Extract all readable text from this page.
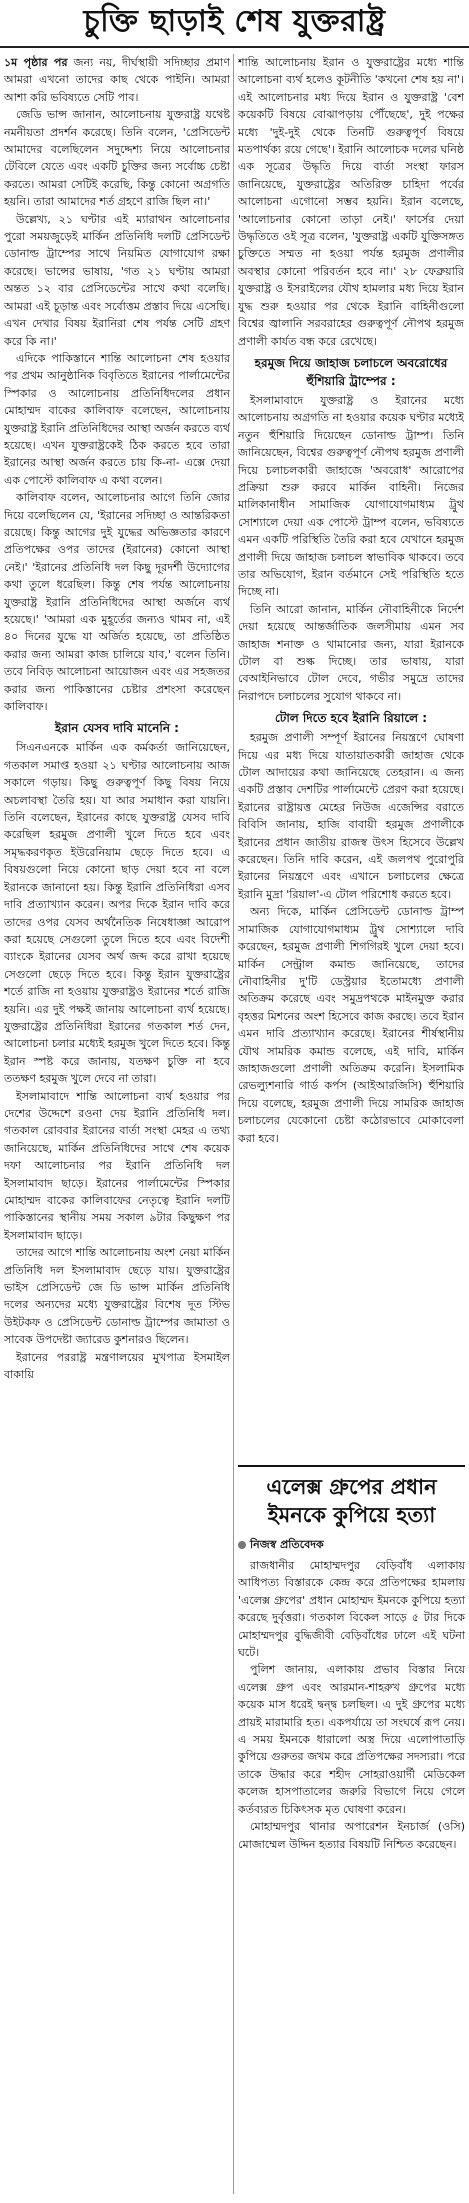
চুক্তি ছাড়াই শেষ যুক্তরাষ্ট্র

১ম পৃষ্ঠার পর জন্য নয়, দীর্ঘস্থায়ী সদিচ্ছার প্রমাণ আমরা এখনো তাদের কাছ থেকে পাইনি। আমরা আশা করি ভবিষ্যতে সেটি পাব।

জেডি ভান্স জানান, আলোচনায় যুক্তরাষ্ট্র যথেষ্ট নমনীয়তা প্রদর্শন করেছে। তিনি বলেন, 'প্রেসিডেন্ট আমাদের বলেছিলেন সদুদ্দেশ্য নিয়ে আলোচনার টেবিলে যেতে এবং একটি চুক্তির জন্য সর্বোচ্চ চেষ্টা করতে। আমরা সেটিই করেছি, কিন্তু কোনো অগ্রগতি হয়নি। তারা আমাদের শর্ত গ্রহণে রাজি ছিল না।'

উল্লেখ্য, ২১ ঘণ্টার এই ম্যারাথন আলোচনার পুরো সময়জুড়েই মার্কিন প্রতিনিধি দলটি প্রেসিডেন্ট ডোনাল্ড ট্রাম্পের সাথে নিয়মিত যোগাযোগ রক্ষা করেছে। ভান্সের ভাষায়, 'গত ২১ ঘণ্টায় আমরা অন্তত ১২ বার প্রেসিডেন্টের সাথে কথা বলেছি। আমরা এই চূড়ান্ত এবং সর্বোত্তম প্রস্তাব দিয়ে এসেছি। এখন দেখার বিষয় ইরানিরা শেষ পর্যন্ত সেটি গ্রহণ করে কি না।'

এদিকে পাকিস্তানে শান্তি আলোচনা শেষ হওয়ার পর প্রথম আনুষ্ঠানিক বিবৃতিতে ইরানের পার্লামেন্টের স্পিকার ও আলোচনায় প্রতিনিধিদলের প্রধান মোহাম্মদ বাকের কালিবাফ বলেছেন, আলোচনায় যুক্তরাষ্ট্র ইরানি প্রতিনিধিদের আস্থা অর্জন করতে ব্যর্থ হয়েছে। এখন যুক্তরাষ্ট্রকেই ঠিক করতে হবে তারা ইরানের আস্থা অর্জন করতে চায় কি-না- এক্সে দেয়া এক পোস্টে কালিবাফ এ কথা বলেন।

কালিবাফ বলেন, আলোচনার আগে তিনি জোর দিয়ে বলেছিলেন যে, 'ইরানের সদিচ্ছা ও আন্তরিকতা রয়েছে। কিন্তু আগের দুই যুদ্ধের অভিজ্ঞতার কারণে প্রতিপক্ষের ওপর তাদের (ইরানের) কোনো আস্থা নেই।' 'ইরানের প্রতিনিধি দল কিছু দূরদর্শী উদ্যোগের কথা তুলে ধরেছিল। কিন্তু শেষ পর্যন্ত আলোচনায় যুক্তরাষ্ট্র ইরানি প্রতিনিধিদের আস্থা অর্জনে ব্যর্থ হয়েছে।' 'আমরা এক মুহূর্তের জন্যও থামব না, এই ৪০ দিনের যুদ্ধে যা অর্জিত হয়েছে, তা প্রতিষ্ঠিত করার জন্য আমরা কাজ চালিয়ে যাব,' বলেন তিনি। তবে নিবিড় আলোচনা আয়োজন এবং এর সহজতর করার জন্য পাকিস্তানের চেষ্টার প্রশংসা করেছেন কালিবাফ।

ইরান যেসব দাবি মানেনি :

সিএনএনকে মার্কিন এক কর্মকর্তা জানিয়েছেন, গতকাল সমাপ্ত হওয়া ২১ ঘণ্টার আলোচনায় আজ সকালে গড়ায়। কিছু গুরুত্বপূর্ণ কিছু বিষয় নিয়ে অচলাবস্থা তৈরি হয়। যা আর সমাধান করা যায়নি। তিনি বলেছেন, ইরানের কাছে যুক্তরাষ্ট্র যেসব দাবি করেছিল হরমুজ প্রণালী খুলে দিতে হবে এবং সমৃদ্ধকরণকৃত ইউরেনিয়াম ছেড়ে দিতে হবে। এ বিষয়গুলো নিয়ে কোনো ছাড় দেয়া হবে না বলে ইরানকে জানানো হয়। কিন্তু ইরানি প্রতিনিধিরা এসব দাবি প্রত্যাখ্যান করেন। অপর দিকে ইরান দাবি করে তাদের ওপর যেসব অর্থনৈতিক নিষেধাজ্ঞা আরোপ করা হয়েছে সেগুলো তুলে দিতে হবে এবং বিদেশী ব্যাংকে ইরানের যেসব অর্থ জব্দ করে রাখা হয়েছে সেগুলো ছেড়ে দিতে হবে। কিন্তু ইরান যুক্তরাষ্ট্রের শর্তে রাজি না হওয়ায় যুক্তরাষ্ট্রও ইরানের শর্তে রাজি হয়নি। এর দুই পক্ষই জানায় আলোচনা ব্যর্থ হয়েছে। যুক্তরাষ্ট্রের প্রতিনিধিরা ইরানের গতকাল শর্ত দেন, আলোচনা চলার মধ্যেই হরমুজ খুলে দিতে হবে। কিন্তু ইরান স্পষ্ট করে জানায়, যতক্ষণ চুক্তি না হবে ততক্ষণ হরমুজ খুলে দেবে না তারা।

ইসলামাবাদে শান্তি আলোচনা ব্যর্থ হওয়ার পর দেশের উদ্দেশে রওনা দেয় ইরানি প্রতিনিধি দল। গতকাল রোববার ইরানের বার্তা সংস্থা মেহর এ তথ্য জানিয়েছে, মার্কিন প্রতিনিধিদের সাথে শেষ কয়েক দফা আলোচনার পর ইরানি প্রতিনিধি দল ইসলামাবাদ ছাড়ে। ইরানের পার্লামেন্টের স্পিকার মোহাম্মদ বাকের কালিবাফের নেতৃত্বে ইরানি দলটি পাকিস্তানের স্থানীয় সময় সকাল ৯টার কিছুক্ষণ পর ইসলামাবাদ ছাড়ে।

তাদের আগে শান্তি আলোচনায় অংশ নেয়া মার্কিন প্রতিনিধি দল ইসলামাবাদ ছেড়ে যায়। যুক্তরাষ্ট্রের ভাইস প্রেসিডেন্ট জে ডি ভান্স মার্কিন প্রতিনিধি দলের অন্যদের মধ্যে যুক্তরাষ্ট্রের বিশেষ দূত স্টিভ উইটকফ ও প্রেসিডেন্ট ডোনাল্ড ট্রাম্পের জামাতা ও সাবেক উপদেষ্টা জ্যারেড কুশনারও ছিলেন।

ইরানের পররাষ্ট্র মন্ত্রণালয়ের মুখপাত্র ইসমাইল বাকায়ি

শান্তি আলোচনায় ইরান ও যুক্তরাষ্ট্রের মধ্যে শান্তি আলোচনা ব্যর্থ হলেও কূটনীতি 'কখনো শেষ হয় না'। এই আলোচনার মধ্য দিয়ে ইরান ও যুক্তরাষ্ট্র 'বেশ কয়েকটি বিষয়ে বোঝাপড়ায় পৌঁছেছে', দুই পক্ষের মধ্যে 'দুই-দুই থেকে তিনটি গুরুত্বপূর্ণ বিষয়ে মতপার্থক্য রয়ে গেছে'। ইরানি আলোচক দলের ঘনিষ্ঠ এক সূত্রের উদ্ধৃতি দিয়ে বার্তা সংস্থা ফারস জানিয়েছে, যুক্তরাষ্ট্রের অতিরিক্ত চাহিদা পর্বের আলোচনা এগোনো সম্ভব হয়নি। ইরান বলেছে, 'আলোচনার কোনো তাড়া নেই।' ফার্সের দেয়া উদ্ধৃতিতে ওই সূত্র বলেন, 'যুক্তরাষ্ট্র একটি যুক্তিসঙ্গত চুক্তিতে সম্মত না হওয়া পর্যন্ত হরমুজ প্রণালীর অবস্থার কোনো পরিবর্তন হবে না।' ২৮ ফেব্রুয়ারি যুক্তরাষ্ট্র ও ইসরাইলের যৌথ হামলার মধ্য দিয়ে ইরান যুদ্ধ শুরু হওয়ার পর থেকে ইরানি বাহিনীগুলো বিশ্বের জ্বালানি সরবরাহের গুরুত্বপূর্ণ নৌপথ হরমুজ প্রণালী কার্যত বন্ধ করে রেখেছে।

হরমুজ দিয়ে জাহাজ চলাচলে অবরোধের হুঁশিয়ারি ট্রাম্পের :

ইসলামাবাদে যুক্তরাষ্ট্র ও ইরানের মধ্যে আলোচনায় অগ্রগতি না হওয়ার কয়েক ঘণ্টার মধ্যেই নতুন হুঁশিয়ারি দিয়েছেন ডোনাল্ড ট্রাম্প। তিনি জানিয়েছেন, বিশ্বের গুরুত্বপূর্ণ নৌপথ হরমুজ প্রণালী দিয়ে চলাচলকারী জাহাজে 'অবরোধ' আরোপের প্রক্রিয়া শুরু করবে মার্কিন বাহিনী। নিজের মালিকানাধীন সামাজিক যোগাযোগমাধ্যম ট্রুথ সোশ্যালে দেয়া এক পোস্টে ট্রাম্প বলেন, ভবিষ্যতে এমন একটি পরিস্থিতি তৈরি করা হবে যেখানে হরমুজ প্রণালী দিয়ে জাহাজ চলাচল স্বাভাবিক থাকবে। তবে তার অভিযোগ, ইরান বর্তমানে সেই পরিস্থিতি হতে দিচ্ছে না।

তিনি আরো জানান, মার্কিন নৌবাহিনীকে নির্দেশ দেয়া হয়েছে আন্তর্জাতিক জলসীমায় এমন সব জাহাজ শনাক্ত ও থামানোর জন্য, যারা ইরানকে টোল বা শুল্ক দিচ্ছে। তার ভাষায়, যারা বেআইনিভাবে টোল দেবে, গভীর সমুদ্রে তাদের নিরাপদে চলাচলের সুযোগ থাকবে না।

টোল দিতে হবে ইরানি রিয়ালে :

হরমুজ প্রণালী সম্পূর্ণ ইরানের নিয়ন্ত্রণে ঘোষণা দিয়ে এর মধ্য দিয়ে যাতায়াতকারী জাহাজ থেকে টোল আদায়ের কথা জানিয়েছে তেহরান। এ জন্য একটি প্রস্তাব দেশটির পার্লামেন্টে প্রেরণ করা হয়েছে। ইরানের রাষ্ট্রায়ত্ত মেহের নিউজ এজেন্সির বরাতে বিবিসি জানায়, হাজি বাবায়ী হরমুজ প্রণালীকে ইরানের প্রধান জাতীয় রাজস্ব উৎস হিসেবে উল্লেখ করেছেন। তিনি দাবি করেন, এই জলপথ পুরোপুরি ইরানের নিয়ন্ত্রণে এবং এখানে চলাচলের ক্ষেত্রে ইরানি মুদ্রা 'রিয়াল'-এ টোল পরিশোধ করতে হবে।

অন্য দিকে, মার্কিন প্রেসিডেন্ট ডোনাল্ড ট্রাম্প সামাজিক যোগাযোগমাধ্যম ট্রুথ সোশ্যালে দাবি করেছেন, হরমুজ প্রণালী শিগগিরই খুলে দেয়া হবে। মার্কিন সেন্ট্রাল কমান্ড জানিয়েছে, তাদের নৌবাহিনীর দু'টি ডেস্ট্রয়ার ইতোমধ্যে প্রণালী অতিক্রম করেছে এবং সমুদ্রপথকে মাইনমুক্ত করার বৃহত্তর মিশনের অংশ হিসেবে কাজ করছে। তবে ইরান এমন দাবি প্রত্যাখ্যান করেছে। ইরানের শীর্ষস্থানীয় যৌথ সামরিক কমান্ড বলেছে, এই দাবি, মার্কিন জাহাজগুলো প্রণালী অতিক্রম করেনি। ইসলামিক রেভল্যুশনারি গার্ড কর্পস (আইআরজিসি) হুঁশিয়ারি দিয়ে বলেছে, হরমুজ প্রণালী দিয়ে সামরিক জাহাজ চলাচলের যেকোনো চেষ্টা কঠোরভাবে মোকাবেলা করা হবে।

এলেক্স গ্রুপের প্রধান ইমনকে কুপিয়ে হত্যা
নিজস্ব প্রতিবেদক

রাজধানীর মোহাম্মদপুর বেড়িবাঁধ এলাকায় আধিপত্য বিস্তারকে কেন্দ্র করে প্রতিপক্ষের হামলায় 'এলেক্স গ্রুপের' প্রধান মোহাম্মদ ইমনকে কুপিয়ে হত্যা করেছে দুর্বৃত্তরা। গতকাল বিকেল সাড়ে ৫ টার দিকে মোহাম্মদপুর বুদ্ধিজীবী বেড়িবাঁধের ঢালে এই ঘটনা ঘটে।

পুলিশ জানায়, এলাকায় প্রভাব বিস্তার নিয়ে এলেক্স গ্রুপ এবং আরমান-শাহরুখ গ্রুপের মধ্যে কয়েক মাস ধরেই দ্বন্দ্ব চলছিল। এ দুই গ্রুপের মধ্যে প্রায়ই মারামারি হত। একপর্যায়ে তা সংঘর্ষে রূপ নেয়। এ সময় ইমনকে ধারালো অস্ত্র দিয়ে এলোপাতাড়ি কুপিয়ে গুরুতর জখম করে প্রতিপক্ষের সদস্যরা। পরে তাকে উদ্ধার করে শহীদ সোহরাওয়ার্দী মেডিকেল কলেজ হাসপাতালের জরুরি বিভাগে নিয়ে গেলে কর্তব্যরত চিকিৎসক মৃত ঘোষণা করেন।

মোহাম্মদপুর থানার অপারেশন ইনচার্জ (ওসি) মোজাম্মেল উদ্দিন হত্যার বিষয়টি নিশ্চিত করেছেন।
